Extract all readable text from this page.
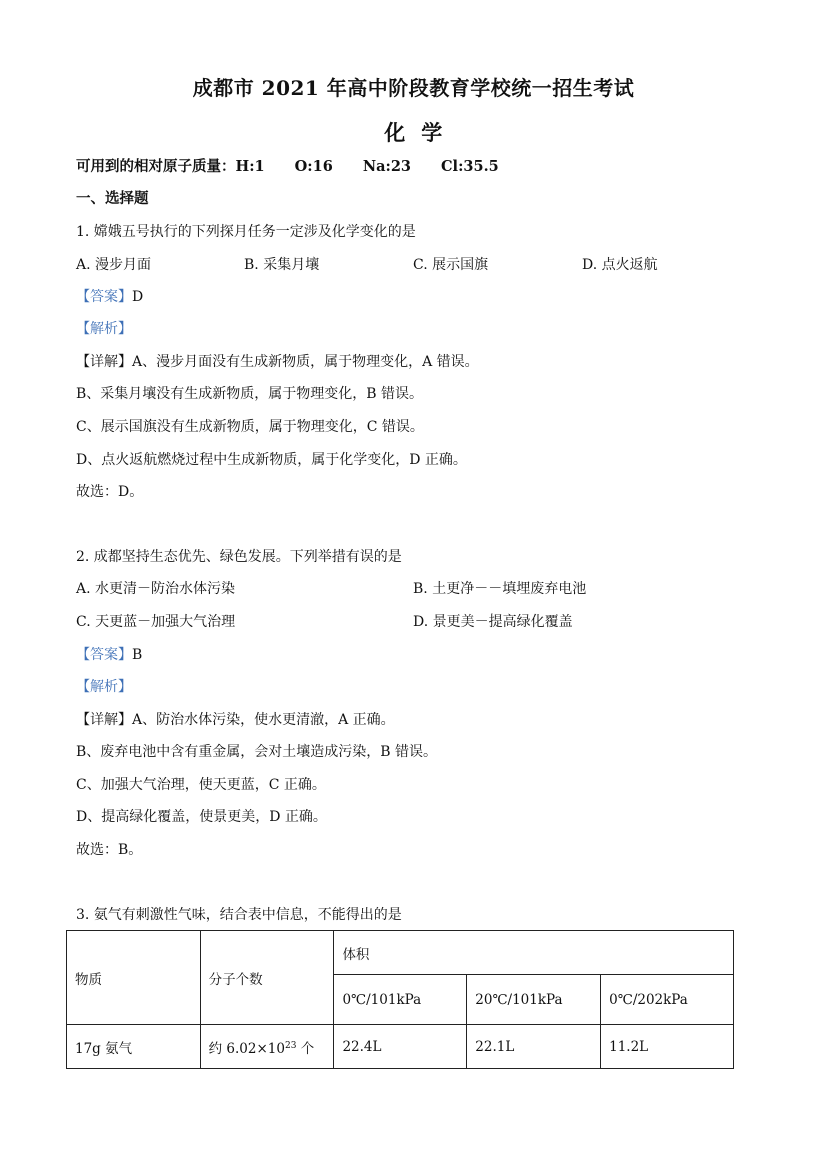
成都市 2021 年高中阶段教育学校统一招生考试
化  学
可用到的相对原子质量：H:1 O:16 Na:23 Cl:35.5
一、选择题
1. 嫦娥五号执行的下列探月任务一定涉及化学变化的是
A. 漫步月面	B. 采集月壤	C. 展示国旗	D. 点火返航
【答案】D
【解析】
【详解】A、漫步月面没有生成新物质，属于物理变化，A 错误。
B、采集月壤没有生成新物质，属于物理变化，B 错误。
C、展示国旗没有生成新物质，属于物理变化，C 错误。
D、点火返航燃烧过程中生成新物质，属于化学变化，D 正确。
故选：D。
2. 成都坚持生态优先、绿色发展。下列举措有误的是
A. 水更清－防治水体污染	B. 土更净－－填埋废弃电池
C. 天更蓝－加强大气治理	D. 景更美－提高绿化覆盖
【答案】B
【解析】
【详解】A、防治水体污染，使水更清澈，A 正确。
B、废弃电池中含有重金属，会对土壤造成污染，B 错误。
C、加强大气治理，使天更蓝，C 正确。
D、提高绿化覆盖，使景更美，D 正确。
故选：B。
3. 氨气有刺激性气味，结合表中信息，不能得出的是
物质	分子个数	体积		
		0℃/101kPa	20℃/101kPa	0℃/202kPa
17g 氨气	约 $6.02\times 10^{23}$ 个	22.4L	22.1L	11.2L
